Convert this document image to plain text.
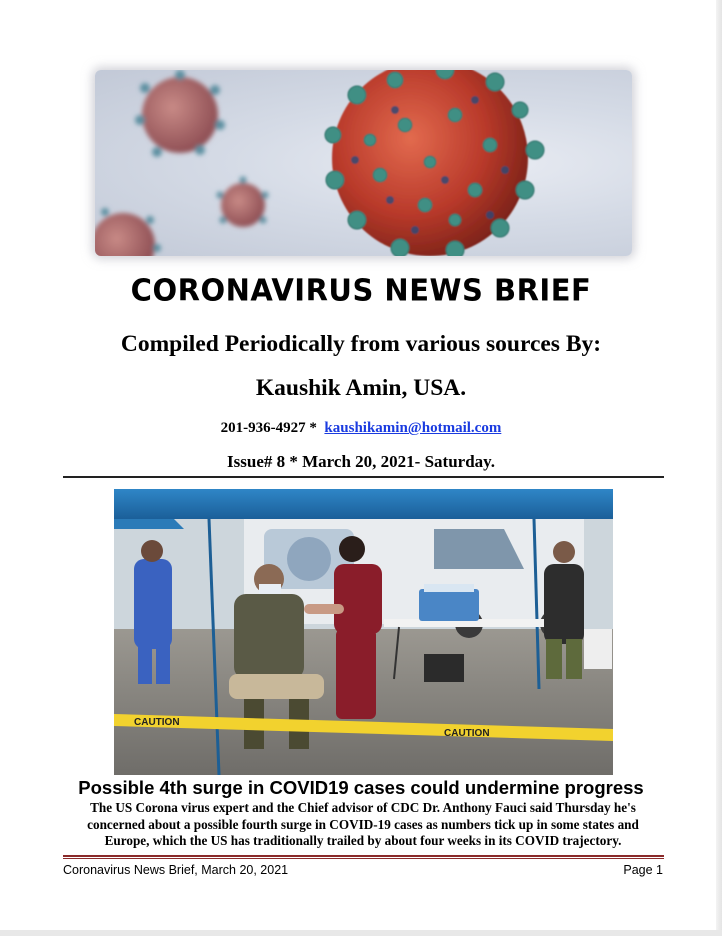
CORONAVIRUS NEWS BRIEF
Compiled Periodically from various sources By:
Kaushik Amin, USA.
201-936-4927 * kaushikamin@hotmail.com
Issue# 8 * March 20, 2021- Saturday.
CAUTION
CAUTION
Possible 4th surge in COVID19 cases could undermine progress
The US Corona virus expert and the Chief advisor of CDC Dr. Anthony Fauci said Thursday he's
concerned about a possible fourth surge in COVID-19 cases as numbers tick up in some states and
Europe, which the US has traditionally trailed by about four weeks in its COVID trajectory.
Coronavirus News Brief, March 20, 2021	Page 1
